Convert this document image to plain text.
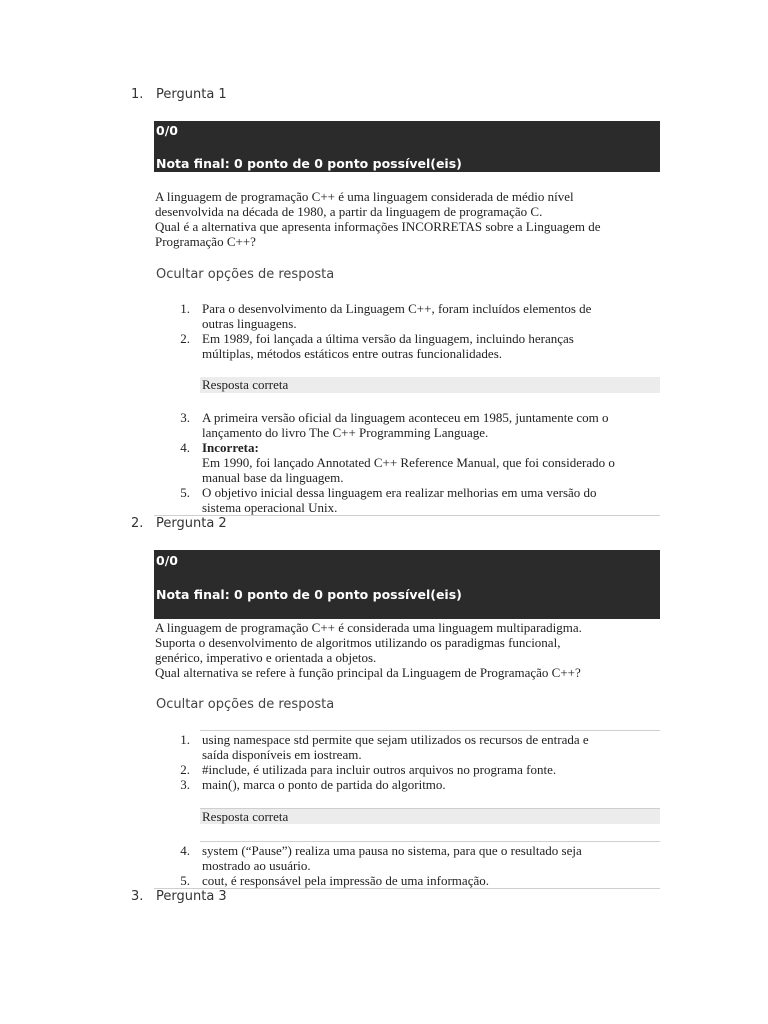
1. Pergunta 1
0/0
Nota final: 0 ponto de 0 ponto possível(eis)
A linguagem de programação C++ é uma linguagem considerada de médio nível
desenvolvida na década de 1980, a partir da linguagem de programação C.
Qual é a alternativa que apresenta informações INCORRETAS sobre a Linguagem de
Programação C++?
Ocultar opções de resposta
1. Para o desenvolvimento da Linguagem C++, foram incluídos elementos de
outras linguagens.
2. Em 1989, foi lançada a última versão da linguagem, incluindo heranças
múltiplas, métodos estáticos entre outras funcionalidades.
Resposta correta
3. A primeira versão oficial da linguagem aconteceu em 1985, juntamente com o
lançamento do livro The C++ Programming Language.
4. Incorreta:
Em 1990, foi lançado Annotated C++ Reference Manual, que foi considerado o
manual base da linguagem.
5. O objetivo inicial dessa linguagem era realizar melhorias em uma versão do
sistema operacional Unix.
2. Pergunta 2
0/0
Nota final: 0 ponto de 0 ponto possível(eis)
A linguagem de programação C++ é considerada uma linguagem multiparadigma.
Suporta o desenvolvimento de algoritmos utilizando os paradigmas funcional,
genérico, imperativo e orientada a objetos.
Qual alternativa se refere à função principal da Linguagem de Programação C++?
Ocultar opções de resposta
1. using namespace std permite que sejam utilizados os recursos de entrada e
saída disponíveis em iostream.
2. #include, é utilizada para incluir outros arquivos no programa fonte.
3. main(), marca o ponto de partida do algoritmo.
Resposta correta
4. system (“Pause”) realiza uma pausa no sistema, para que o resultado seja
mostrado ao usuário.
5. cout, é responsável pela impressão de uma informação.
3. Pergunta 3
